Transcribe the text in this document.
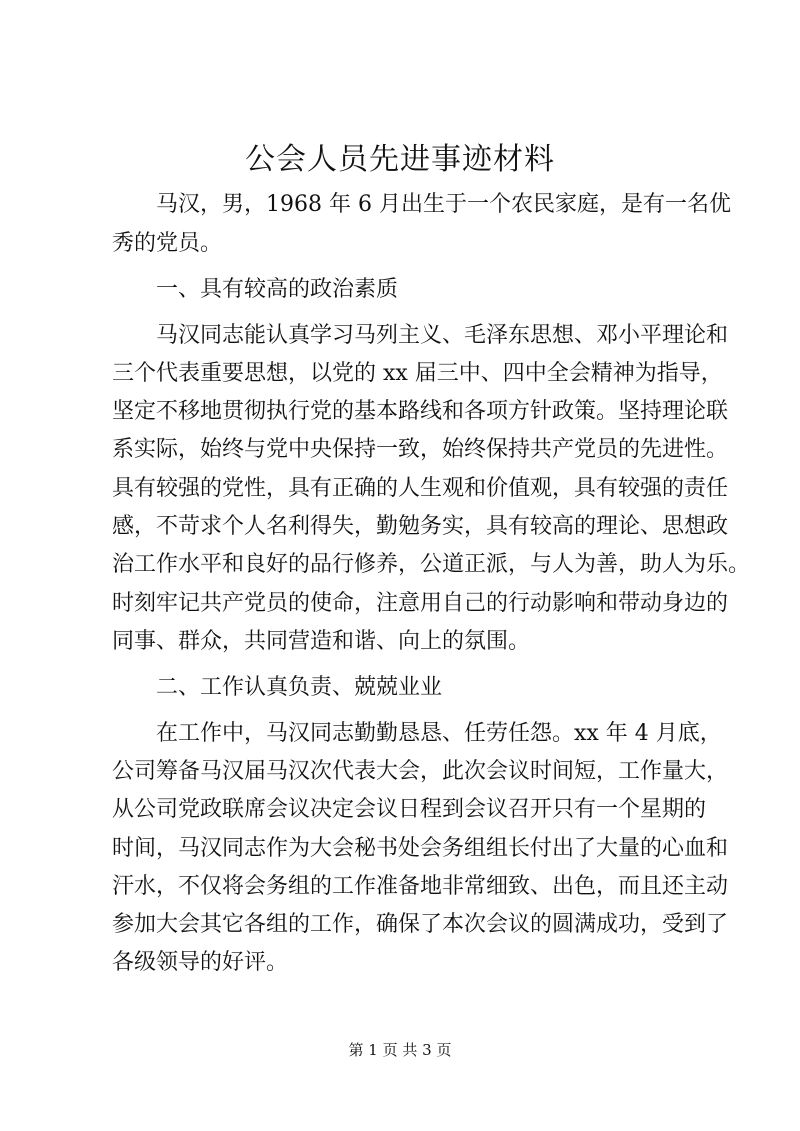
公会人员先进事迹材料
　　马汉，男，1968 年 6 月出生于一个农民家庭，是有一名优
秀的党员。
　　一、具有较高的政治素质
　　马汉同志能认真学习马列主义、毛泽东思想、邓小平理论和
三个代表重要思想，以党的 xx 届三中、四中全会精神为指导，
坚定不移地贯彻执行党的基本路线和各项方针政策。坚持理论联
系实际，始终与党中央保持一致，始终保持共产党员的先进性。
具有较强的党性，具有正确的人生观和价值观，具有较强的责任
感，不苛求个人名利得失，勤勉务实，具有较高的理论、思想政
治工作水平和良好的品行修养，公道正派，与人为善，助人为乐。
时刻牢记共产党员的使命，注意用自己的行动影响和带动身边的
同事、群众，共同营造和谐、向上的氛围。
　　二、工作认真负责、兢兢业业
　　在工作中，马汉同志勤勤恳恳、任劳任怨。xx 年 4 月底，
公司筹备马汉届马汉次代表大会，此次会议时间短，工作量大，
从公司党政联席会议决定会议日程到会议召开只有一个星期的
时间，马汉同志作为大会秘书处会务组组长付出了大量的心血和
汗水，不仅将会务组的工作准备地非常细致、出色，而且还主动
参加大会其它各组的工作，确保了本次会议的圆满成功，受到了
各级领导的好评。
第 1 页 共 3 页
